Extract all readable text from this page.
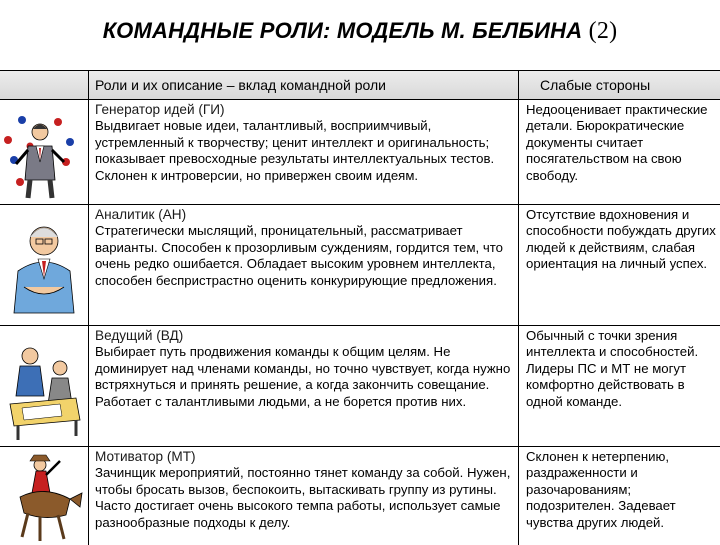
КОМАНДНЫЕ РОЛИ: МОДЕЛЬ М. БЕЛБИНА (2)
Роли и их описание – вклад командной роли	Слабые стороны
Генератор идей (ГИ)
Выдвигает новые идеи, талантливый, восприимчивый, устремленный к творчеству; ценит интеллект и оригинальность; показывает превосходные результаты интеллектуальных тестов. Склонен к интроверсии, но привержен своим идеям.
Недооценивает практические детали. Бюрократические документы считает посягательством на свою свободу.
Аналитик (АН)
Стратегически мыслящий, проницательный, рассматривает варианты. Способен к прозорливым суждениям, гордится тем, что очень редко ошибается. Обладает высоким уровнем интеллекта, способен беспристрастно оценить конкурирующие предложения.
Отсутствие вдохновения и способности побуждать других людей к действиям, слабая ориентация на личный успех.
Ведущий (ВД)
Выбирает путь продвижения команды к общим целям. Не доминирует над членами команды, но точно чувствует, когда нужно встряхнуться и принять решение, а когда закончить совещание. Работает с талантливыми людьми, а не борется против них.
Обычный с точки зрения интеллекта и способностей. Лидеры ПС и МТ не могут комфортно действовать в одной команде.
Мотиватор (МТ)
Зачинщик мероприятий, постоянно тянет команду за собой. Нужен, чтобы бросать вызов, беспокоить, вытаскивать группу из рутины. Часто достигает очень высокого темпа работы, использует самые разнообразные подходы к делу.
Склонен к нетерпению, раздраженности и разочарованиям; подозрителен. Задевает чувства других людей.
